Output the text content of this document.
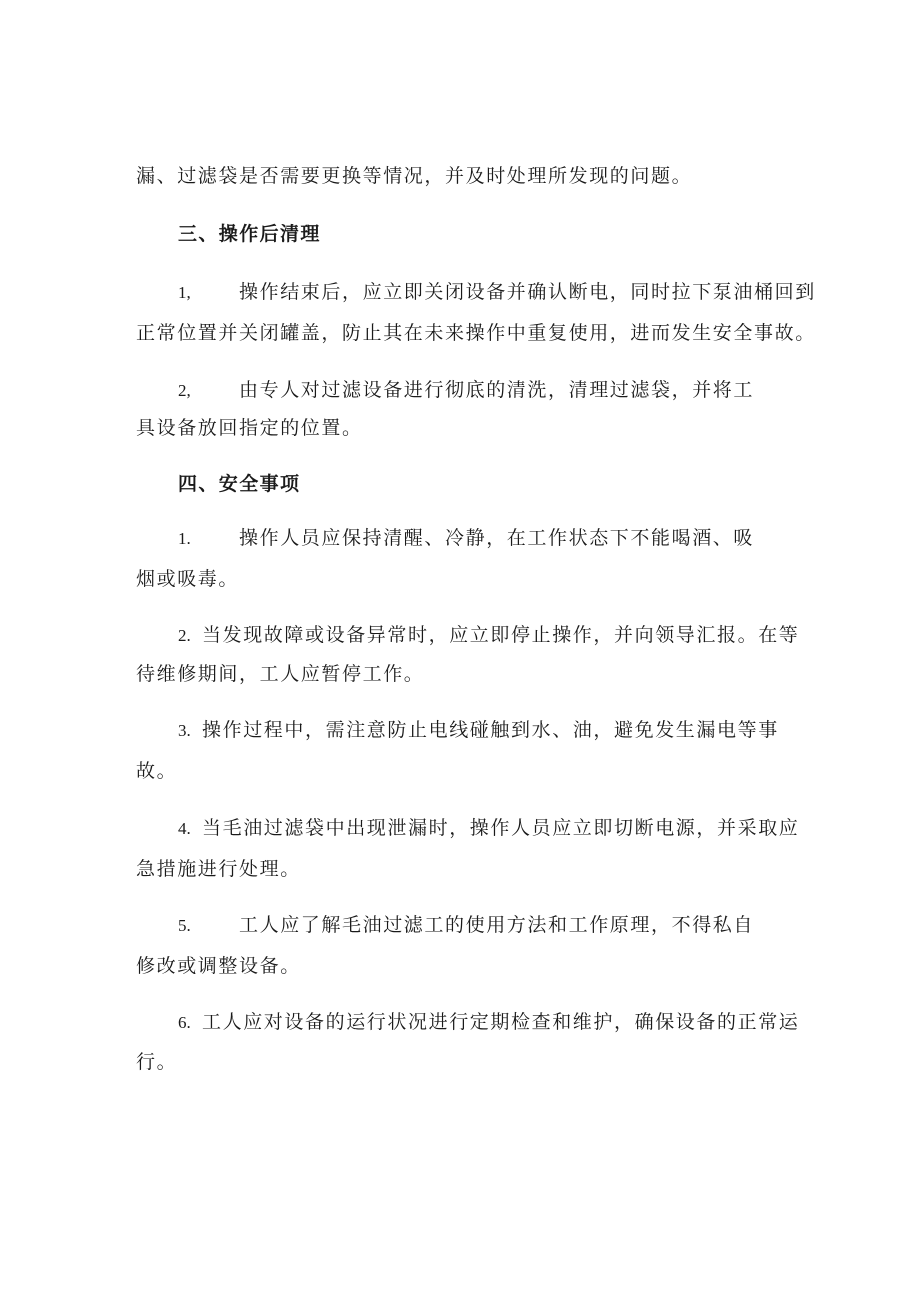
漏、过滤袋是否需要更换等情况，并及时处理所发现的问题。
三、操作后清理
1,	操作结束后，应立即关闭设备并确认断电，同时拉下泵油桶回到
正常位置并关闭罐盖，防止其在未来操作中重复使用，进而发生安全事故。
2,	由专人对过滤设备进行彻底的清洗，清理过滤袋，并将工
具设备放回指定的位置。
四、安全事项
1.	操作人员应保持清醒、冷静，在工作状态下不能喝酒、吸
烟或吸毒。
2. 当发现故障或设备异常时，应立即停止操作，并向领导汇报。在等
待维修期间，工人应暂停工作。
3. 操作过程中，需注意防止电线碰触到水、油，避免发生漏电等事
故。
4. 当毛油过滤袋中出现泄漏时，操作人员应立即切断电源，并采取应
急措施进行处理。
5.	工人应了解毛油过滤工的使用方法和工作原理，不得私自
修改或调整设备。
6. 工人应对设备的运行状况进行定期检查和维护，确保设备的正常运
行。
